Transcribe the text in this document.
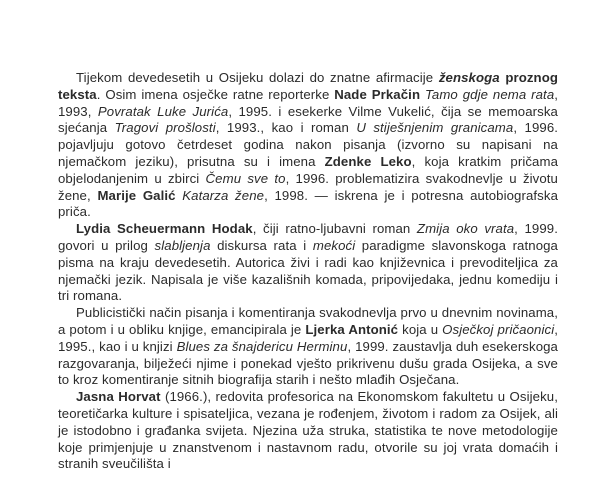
Tijekom devedesetih u Osijeku dolazi do znatne afirmacije ženskoga proznog teksta. Osim imena osječke ratne reporterke Nade Prkačin Tamo gdje nema rata, 1993, Povratak Luke Jurića, 1995. i esekerke Vilme Vukelić, čija se memoarska sjećanja Tragovi prošlosti, 1993., kao i roman U stiješnjenim granicama, 1996. pojavljuju gotovo četrdeset godina nakon pisanja (izvorno su napisani na njemačkom jeziku), prisutna su i imena Zdenke Leko, koja kratkim pričama objelodanjenim u zbirci Čemu sve to, 1996. problematizira svakodnevlje u životu žene, Marije Galić Katarza žene, 1998. — iskrena je i potresna autobiografska priča.

Lydia Scheuermann Hodak, čiji ratno-ljubavni roman Zmija oko vrata, 1999. govori u prilog slabljenja diskursa rata i mekoći paradigme slavonskoga ratnoga pisma na kraju devedesetih. Autorica živi i radi kao književnica i prevoditeljica za njemački jezik. Napisala je više kazališnih komada, pripovijedaka, jednu komediju i tri romana.

Publicistički način pisanja i komentiranja svakodnevlja prvo u dnevnim novinama, a potom i u obliku knjige, emancipirala je Ljerka Antonić koja u Osječkoj pričaonici, 1995., kao i u knjizi Blues za šnajdericu Herminu, 1999. zaustavlja duh esekerskoga razgovaranja, bilježeći njime i ponekad vješto prikrivenu dušu grada Osijeka, a sve to kroz komentiranje sitnih biografija starih i nešto mlađih Osječana.

Jasna Horvat (1966.), redovita profesorica na Ekonomskom fakultetu u Osijeku, teoretičarka kulture i spisateljica, vezana je rođenjem, životom i radom za Osijek, ali je istodobno i građanka svijeta. Njezina uža struka, statistika te nove metodologije koje primjenjuje u znanstvenom i nastavnom radu, otvorile su joj vrata domaćih i stranih sveučilišta i
